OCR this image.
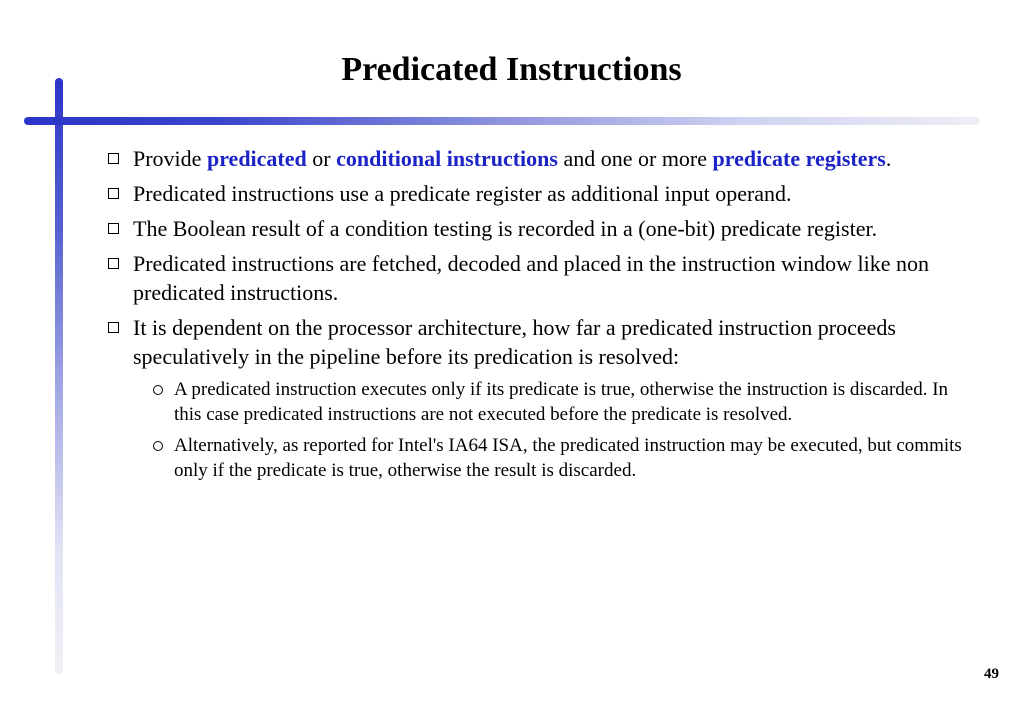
Predicated Instructions
Provide predicated or conditional instructions and one or more predicate registers.
Predicated instructions use a predicate register as additional input operand.
The Boolean result of a condition testing is recorded in a (one-bit) predicate register.
Predicated instructions are fetched, decoded and placed in the instruction window like non predicated instructions.
It is dependent on the processor architecture, how far a predicated instruction proceeds speculatively in the pipeline before its predication is resolved:
A predicated instruction executes only if its predicate is true, otherwise the instruction is discarded. In this case predicated instructions are not executed before the predicate is resolved.
Alternatively, as reported for Intel's IA64 ISA, the predicated instruction may be executed, but commits only if the predicate is true, otherwise the result is discarded.
49
